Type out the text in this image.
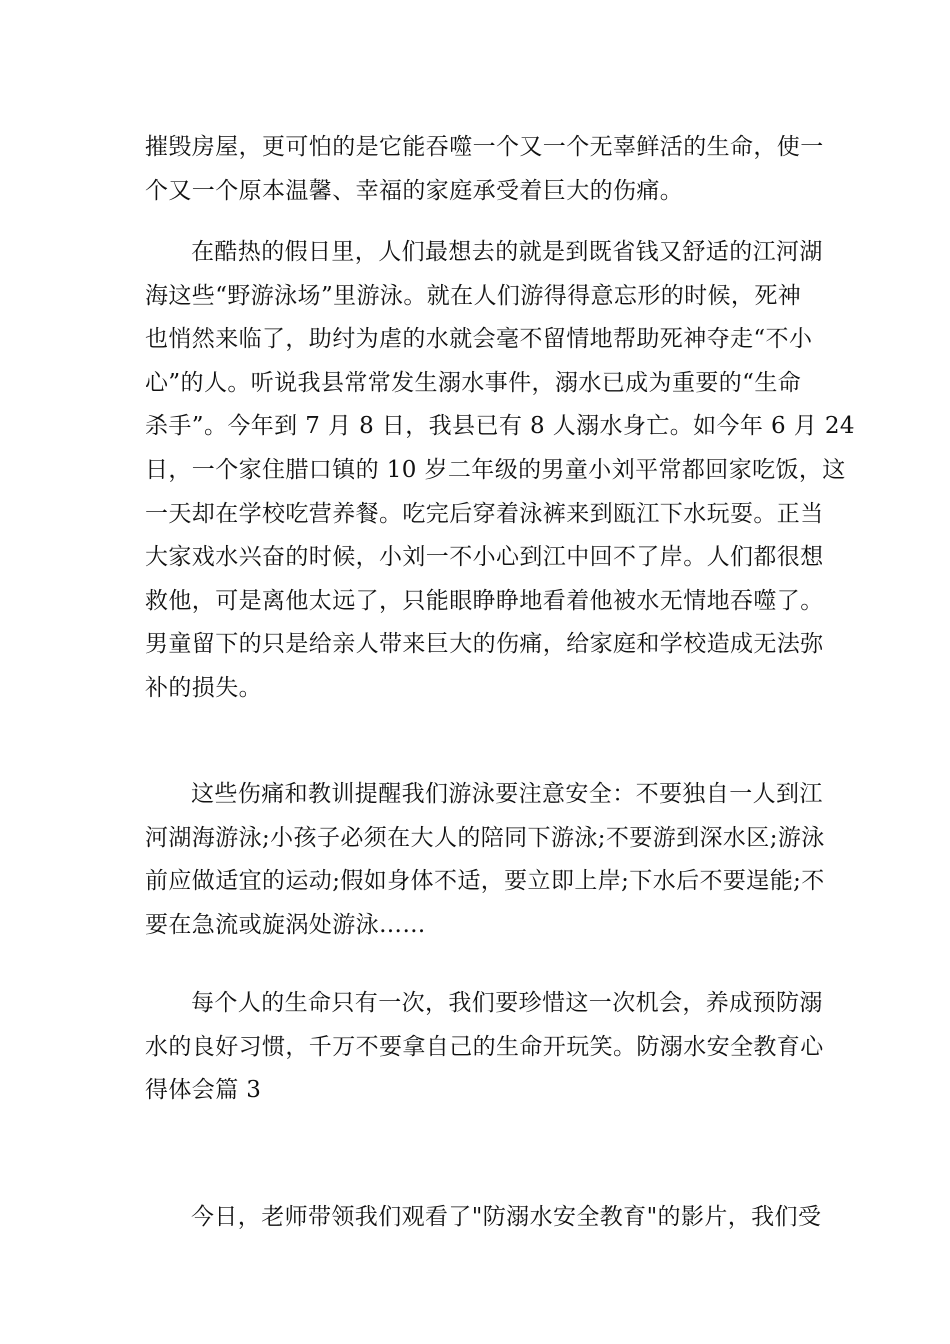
摧毁房屋，更可怕的是它能吞噬一个又一个无辜鲜活的生命，使一
个又一个原本温馨、幸福的家庭承受着巨大的伤痛。
在酷热的假日里，人们最想去的就是到既省钱又舒适的江河湖
海这些“野游泳场”里游泳。就在人们游得得意忘形的时候，死神
也悄然来临了，助纣为虐的水就会毫不留情地帮助死神夺走“不小
心”的人。听说我县常常发生溺水事件，溺水已成为重要的“生命
杀手”。今年到 7 月 8 日，我县已有 8 人溺水身亡。如今年 6 月 24
日，一个家住腊口镇的 10 岁二年级的男童小刘平常都回家吃饭，这
一天却在学校吃营养餐。吃完后穿着泳裤来到瓯江下水玩耍。正当
大家戏水兴奋的时候，小刘一不小心到江中回不了岸。人们都很想
救他，可是离他太远了，只能眼睁睁地看着他被水无情地吞噬了。
男童留下的只是给亲人带来巨大的伤痛，给家庭和学校造成无法弥
补的损失。
这些伤痛和教训提醒我们游泳要注意安全：不要独自一人到江
河湖海游泳;小孩子必须在大人的陪同下游泳;不要游到深水区;游泳
前应做适宜的运动;假如身体不适，要立即上岸;下水后不要逞能;不
要在急流或旋涡处游泳……
每个人的生命只有一次，我们要珍惜这一次机会，养成预防溺
水的良好习惯，千万不要拿自己的生命开玩笑。防溺水安全教育心
得体会篇 3
今日，老师带领我们观看了"防溺水安全教育"的影片，我们受
